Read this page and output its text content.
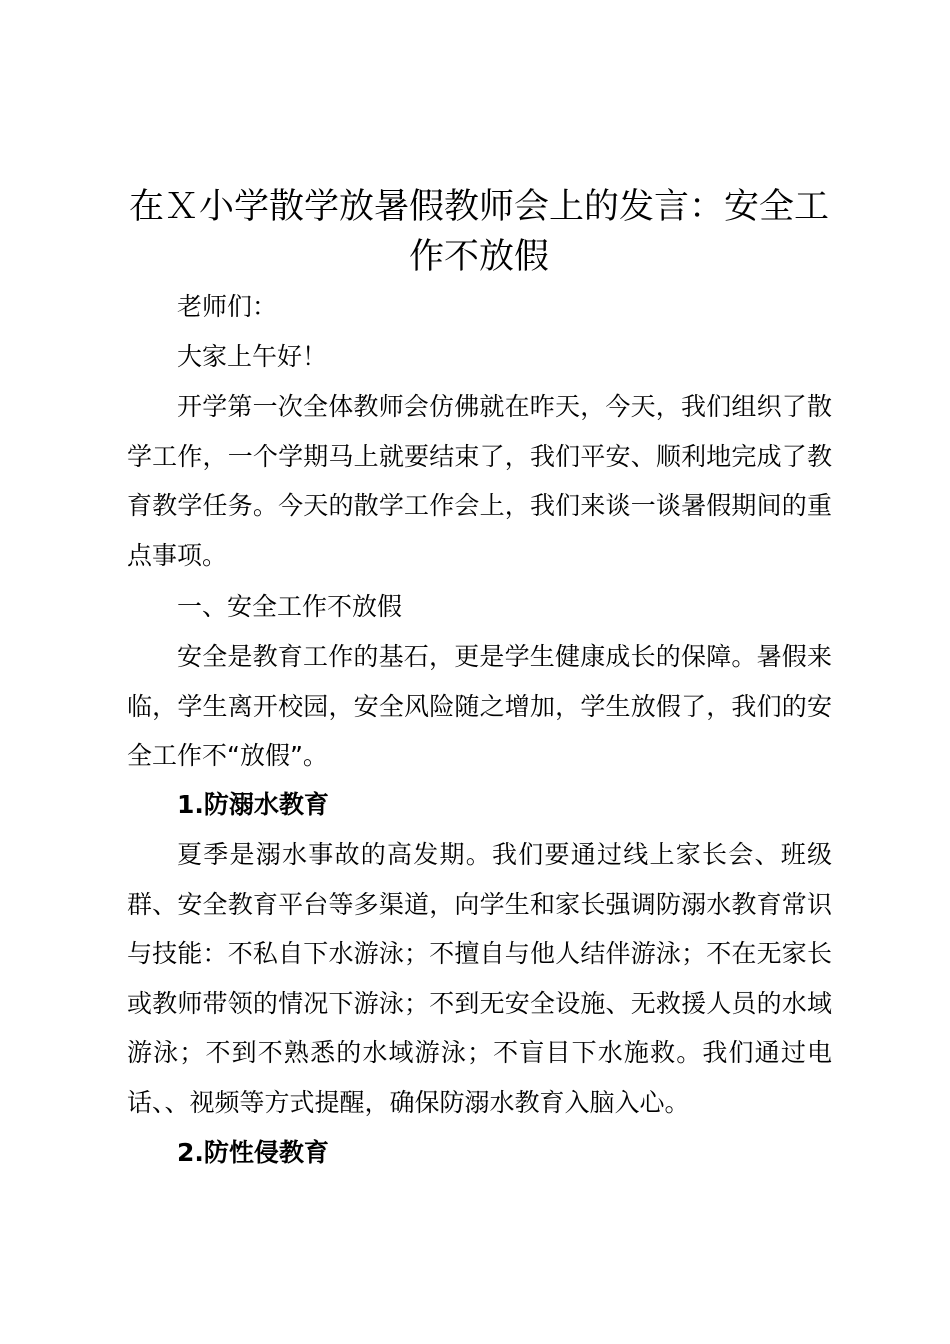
在Ｘ小学散学放暑假教师会上的发言：安全工作不放假

老师们：

大家上午好！

开学第一次全体教师会仿佛就在昨天，今天，我们组织了散学工作，一个学期马上就要结束了，我们平安、顺利地完成了教育教学任务。今天的散学工作会上，我们来谈一谈暑假期间的重点事项。

一、安全工作不放假

安全是教育工作的基石，更是学生健康成长的保障。暑假来临，学生离开校园，安全风险随之增加，学生放假了，我们的安全工作不“放假”。

1.防溺水教育

夏季是溺水事故的高发期。我们要通过线上家长会、班级群、安全教育平台等多渠道，向学生和家长强调防溺水教育常识与技能：不私自下水游泳；不擅自与他人结伴游泳；不在无家长或教师带领的情况下游泳；不到无安全设施、无救援人员的水域游泳；不到不熟悉的水域游泳；不盲目下水施救。我们通过电话、、视频等方式提醒，确保防溺水教育入脑入心。

2.防性侵教育
